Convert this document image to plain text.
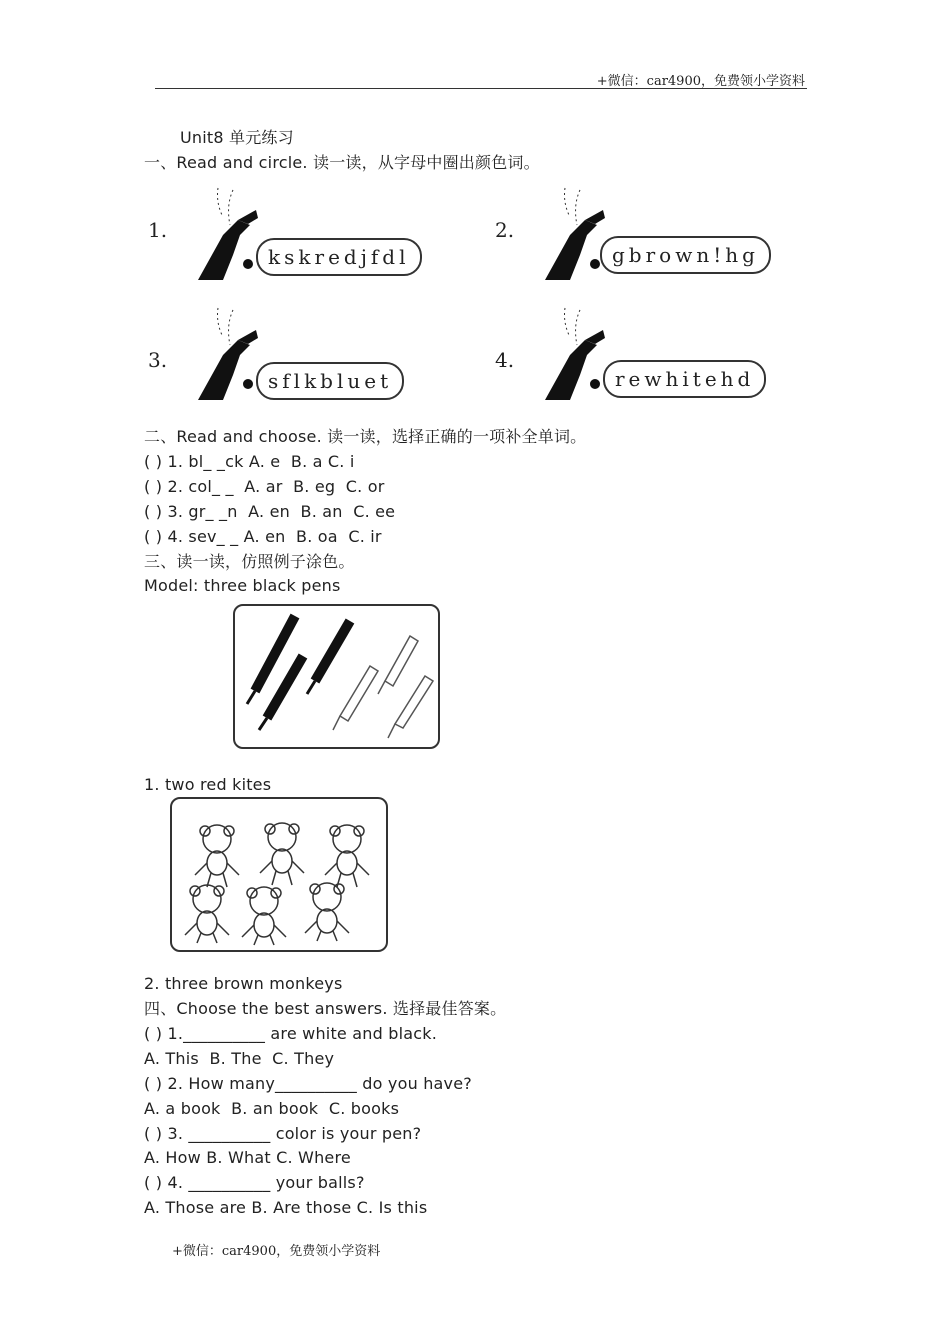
+微信：car4900，免费领小学资料
Unit8 单元练习
一、Read and circle. 读一读，从字母中圈出颜色词。
1.
kskredjfdl
2.
gbrown!hg
3.
sflkbluet
4.
rewhitehd
二、Read and choose. 读一读，选择正确的一项补全单词。
( ) 1. bl_ _ck A. e  B. a C. i
( ) 2. col_ _  A. ar  B. eg  C. or
( ) 3. gr_ _n  A. en  B. an  C. ee
( ) 4. sev_ _ A. en  B. oa  C. ir
三、读一读，仿照例子涂色。
Model: three black pens
1. two red kites
2. three brown monkeys
四、Choose the best answers. 选择最佳答案。
( ) 1.__________ are white and black.
A. This  B. The  C. They
( ) 2. How many__________ do you have?
A. a book  B. an book  C. books
( ) 3. __________ color is your pen?
A. How B. What C. Where
( ) 4. __________ your balls?
A. Those are B. Are those C. Is this
+微信：car4900，免费领小学资料
